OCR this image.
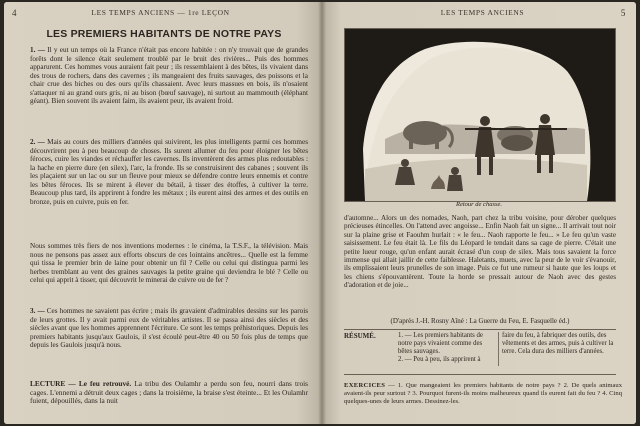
4	LES TEMPS ANCIENS — 1re LEÇON
LES PREMIERS HABITANTS DE NOTRE PAYS
1. — Il y eut un temps où la France n'était pas encore habitée : on n'y trouvait que de grandes forêts dont le silence était seulement troublé par le bruit des rivières... Puis des hommes apparurent. Ces hommes vous auraient fait peur ; ils ressemblaient à des bêtes, ils vivaient dans des trous de rochers, dans des cavernes ; ils mangeaient des fruits sauvages, des poissons et la chair crue des biches ou des ours qu'ils chassaient. Avec leurs massues en bois, ils n'osaient s'attaquer ni au grand ours gris, ni au bison (bœuf sauvage), ni surtout au mammouth (éléphant géant). Bien souvent ils avaient faim, ils avaient peur, ils avaient froid.
2. — Mais au cours des milliers d'années qui suivirent, les plus intelligents parmi ces hommes découvrirent peu à peu beaucoup de choses. Ils surent allumer du feu pour éloigner les bêtes féroces, cuire les viandes et réchauffer les cavernes. Ils inventèrent des armes plus redoutables : la hache en pierre dure (en silex), l'arc, la fronde. Ils se construisirent des cabanes ; souvent ils les plaçaient sur un lac ou sur un fleuve pour mieux se défendre contre leurs ennemis et contre les bêtes féroces. Ils se mirent à élever du bétail, à tisser des étoffes, à cultiver la terre. Beaucoup plus tard, ils apprirent à fondre les métaux ; ils eurent ainsi des armes et des outils en bronze, puis en cuivre, puis en fer.
Nous sommes très fiers de nos inventions modernes : le cinéma, la T.S.F., la télévision. Mais nous ne pensons pas assez aux efforts obscurs de ces lointains ancêtres... Quelle est la femme qui tissa le premier brin de laine pour obtenir un fil ? Celle ou celui qui distingua parmi les herbes tremblant au vent des graines sauvages la petite graine qui deviendra le blé ? Celle ou celui qui apprit à tisser, qui découvrit le minerai de cuivre ou de fer ?
3. — Ces hommes ne savaient pas écrire ; mais ils gravaient d'admirables dessins sur les parois de leurs grottes. Il y avait parmi eux de véritables artistes. Il se passa ainsi des siècles et des siècles avant que les hommes apprennent l'écriture. Ce sont les temps préhistoriques. Depuis les premiers habitants jusqu'aux Gaulois, il s'est écoulé peut-être 40 ou 50 fois plus de temps que depuis les Gaulois jusqu'à nous.
LECTURE — Le feu retrouvé. La tribu des Oulamhr a perdu son feu, nourri dans trois cages. L'ennemi a détruit deux cages ; dans la troisième, la braise s'est éteinte... Et les Oulamhr fuient, dépouillés, dans la nuit
LES TEMPS ANCIENS	5
Retour de chasse.
d'automne... Alors un des nomades, Naoh, part chez la tribu voisine, pour dérober quelques précieuses étincelles. On l'attend avec angoisse... Enfin Naoh fait un signe... Il arrivait tout noir sur la plaine grise et Faouhm hurlait : « le feu... Naoh rapporte le feu... » Le feu qu'un vaste saisissement. Le feu était là. Le fils du Léopard le tendait dans sa cage de pierre. C'était une petite lueur rouge, qu'un enfant aurait écrasé d'un coup de silex. Mais tous savaient la force immense qui allait jaillir de cette faiblesse. Haletants, muets, avec la peur de le voir s'évanouir, ils emplissaient leurs prunelles de son image. Puis ce fut une rumeur si haute que les loups et les chiens s'épouvantèrent. Toute la horde se pressait autour de Naoh avec des gestes d'adoration et de joie...
(D'après J.-H. Rosny Aîné : La Guerre du Feu, E. Fasquelle éd.)
RÉSUMÉ.	1. — Les premiers habitants de notre pays vivaient comme des bêtes sauvages.
2. — Peu à peu, ils apprirent à
faire du feu, à fabriquer des outils, des vêtements et des armes, puis à cultiver la terre. Cela dura des milliers d'années.
EXERCICES — 1. Que mangeaient les premiers habitants de notre pays ? 2. De quels animaux avaient-ils peur surtout ? 3. Pourquoi furent-ils moins malheureux quand ils eurent fait du feu ? 4. Cinq quelques-unes de leurs armes. Dessinez-les.
